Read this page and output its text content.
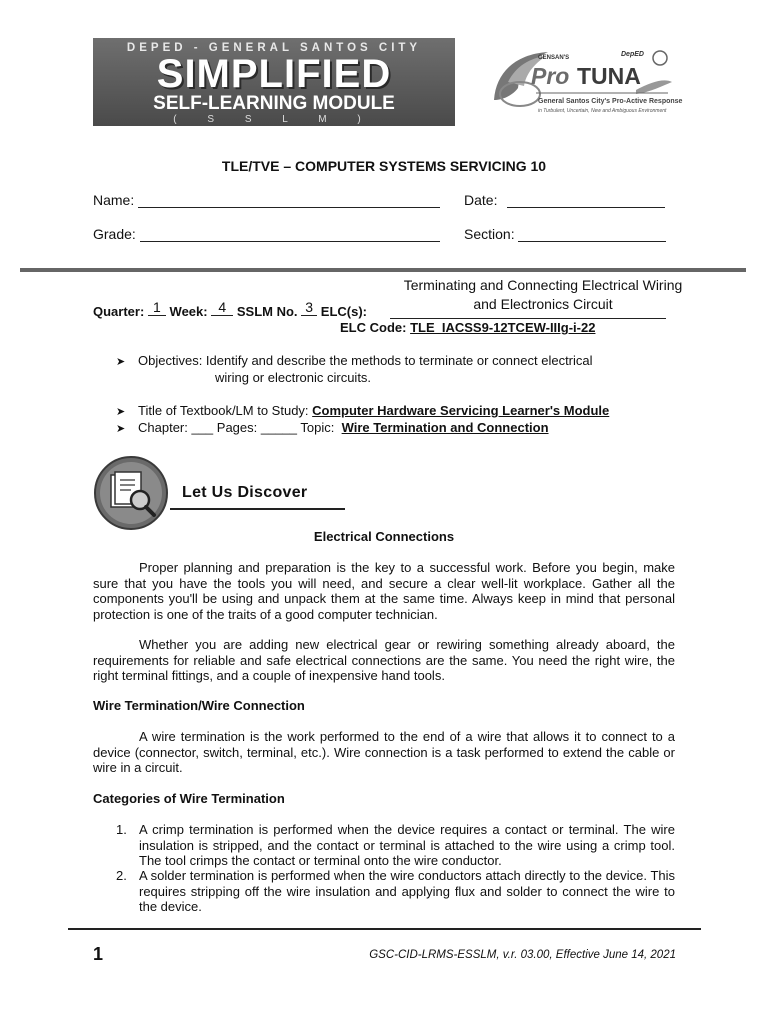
DEPED - GENERAL SANTOS CITY
SIMPLIFIED
SELF-LEARNING MODULE
( S S L M )
GENSAN'S	DepED
Pro TUNA
General Santos City's Pro-Active Response
in Turbulent, Uncertain, New and Ambiguous Environment
TLE/TVE – COMPUTER SYSTEMS SERVICING 10
Name:	Date:
Grade:	Section:
Terminating and Connecting Electrical Wiring
and Electronics Circuit
Quarter: 1 Week: 4 SSLM No. 3 ELC(s):
ELC Code: TLE_IACSS9-12TCEW-IIIg-i-22
➤ Objectives: Identify and describe the methods to terminate or connect electrical
wiring or electronic circuits.
➤ Title of Textbook/LM to Study: Computer Hardware Servicing Learner's Module
➤ Chapter: ___ Pages: _____ Topic: Wire Termination and Connection
Let Us Discover
Electrical Connections
Proper planning and preparation is the key to a successful work. Before you begin, make sure that you have the tools you will need, and secure a clear well-lit workplace. Gather all the components you'll be using and unpack them at the same time. Always keep in mind that personal protection is one of the traits of a good computer technician.
Whether you are adding new electrical gear or rewiring something already aboard, the requirements for reliable and safe electrical connections are the same. You need the right wire, the right terminal fittings, and a couple of inexpensive hand tools.
Wire Termination/Wire Connection
A wire termination is the work performed to the end of a wire that allows it to connect to a device (connector, switch, terminal, etc.). Wire connection is a task performed to extend the cable or wire in a circuit.
Categories of Wire Termination
1. A crimp termination is performed when the device requires a contact or terminal. The wire insulation is stripped, and the contact or terminal is attached to the wire using a crimp tool. The tool crimps the contact or terminal onto the wire conductor.
2. A solder termination is performed when the wire conductors attach directly to the device. This requires stripping off the wire insulation and applying flux and solder to connect the wire to the device.
1	GSC-CID-LRMS-ESSLM, v.r. 03.00, Effective June 14, 2021
